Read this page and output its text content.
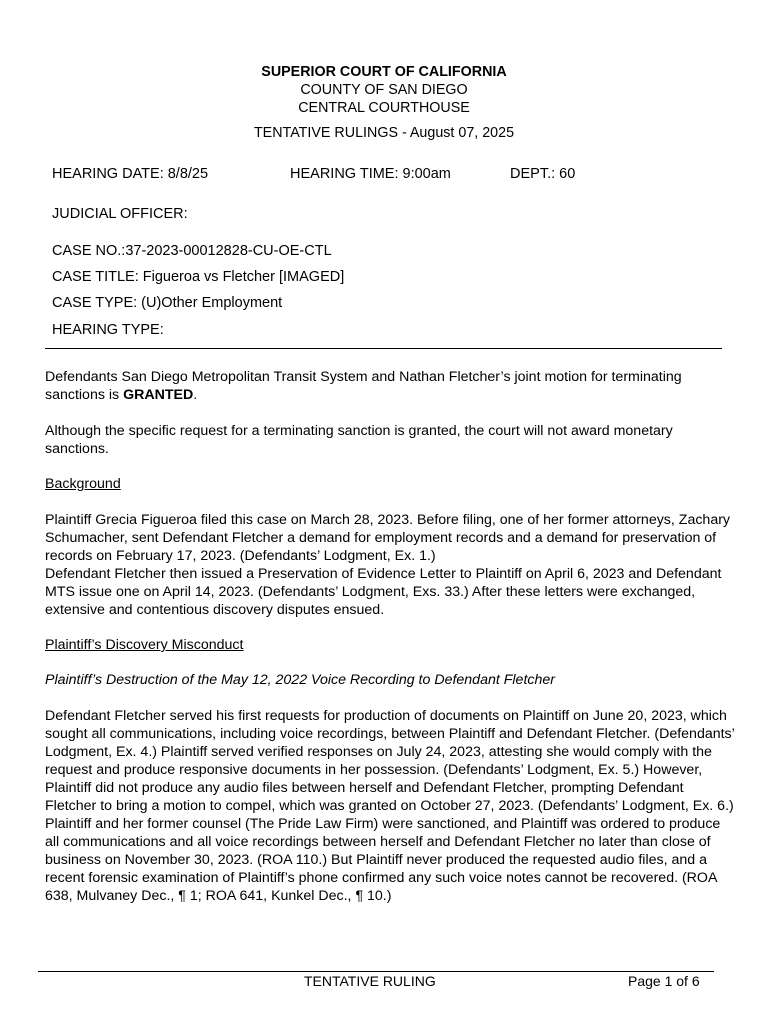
SUPERIOR COURT OF CALIFORNIA
COUNTY OF SAN DIEGO
CENTRAL COURTHOUSE
TENTATIVE RULINGS - August 07, 2025
HEARING DATE: 8/8/25	HEARING TIME: 9:00am	DEPT.: 60
JUDICIAL OFFICER:
CASE NO.:37-2023-00012828-CU-OE-CTL
CASE TITLE: Figueroa vs Fletcher [IMAGED]
CASE TYPE: (U)Other Employment
HEARING TYPE:

Defendants San Diego Metropolitan Transit System and Nathan Fletcher’s joint motion for terminating sanctions is GRANTED.

Although the specific request for a terminating sanction is granted, the court will not award monetary sanctions.

Background

Plaintiff Grecia Figueroa filed this case on March 28, 2023. Before filing, one of her former attorneys, Zachary Schumacher, sent Defendant Fletcher a demand for employment records and a demand for preservation of records on February 17, 2023. (Defendants’ Lodgment, Ex. 1.)

Defendant Fletcher then issued a Preservation of Evidence Letter to Plaintiff on April 6, 2023 and Defendant MTS issue one on April 14, 2023. (Defendants’ Lodgment, Exs. 33.) After these letters were exchanged, extensive and contentious discovery disputes ensued.

Plaintiff’s Discovery Misconduct
Plaintiff’s Destruction of the May 12, 2022 Voice Recording to Defendant Fletcher

Defendant Fletcher served his first requests for production of documents on Plaintiff on June 20, 2023, which sought all communications, including voice recordings, between Plaintiff and Defendant Fletcher. (Defendants’ Lodgment, Ex. 4.) Plaintiff served verified responses on July 24, 2023, attesting she would comply with the request and produce responsive documents in her possession. (Defendants’ Lodgment, Ex. 5.) However, Plaintiff did not produce any audio files between herself and Defendant Fletcher, prompting Defendant Fletcher to bring a motion to compel, which was granted on October 27, 2023. (Defendants’ Lodgment, Ex. 6.) Plaintiff and her former counsel (The Pride Law Firm) were sanctioned, and Plaintiff was ordered to produce all communications and all voice recordings between herself and Defendant Fletcher no later than close of business on November 30, 2023. (ROA 110.) But Plaintiff never produced the requested audio files, and a recent forensic examination of Plaintiff’s phone confirmed any such voice notes cannot be recovered. (ROA 638, Mulvaney Dec., ¶ 1; ROA 641, Kunkel Dec., ¶ 10.)

TENTATIVE RULING	Page 1 of 6
